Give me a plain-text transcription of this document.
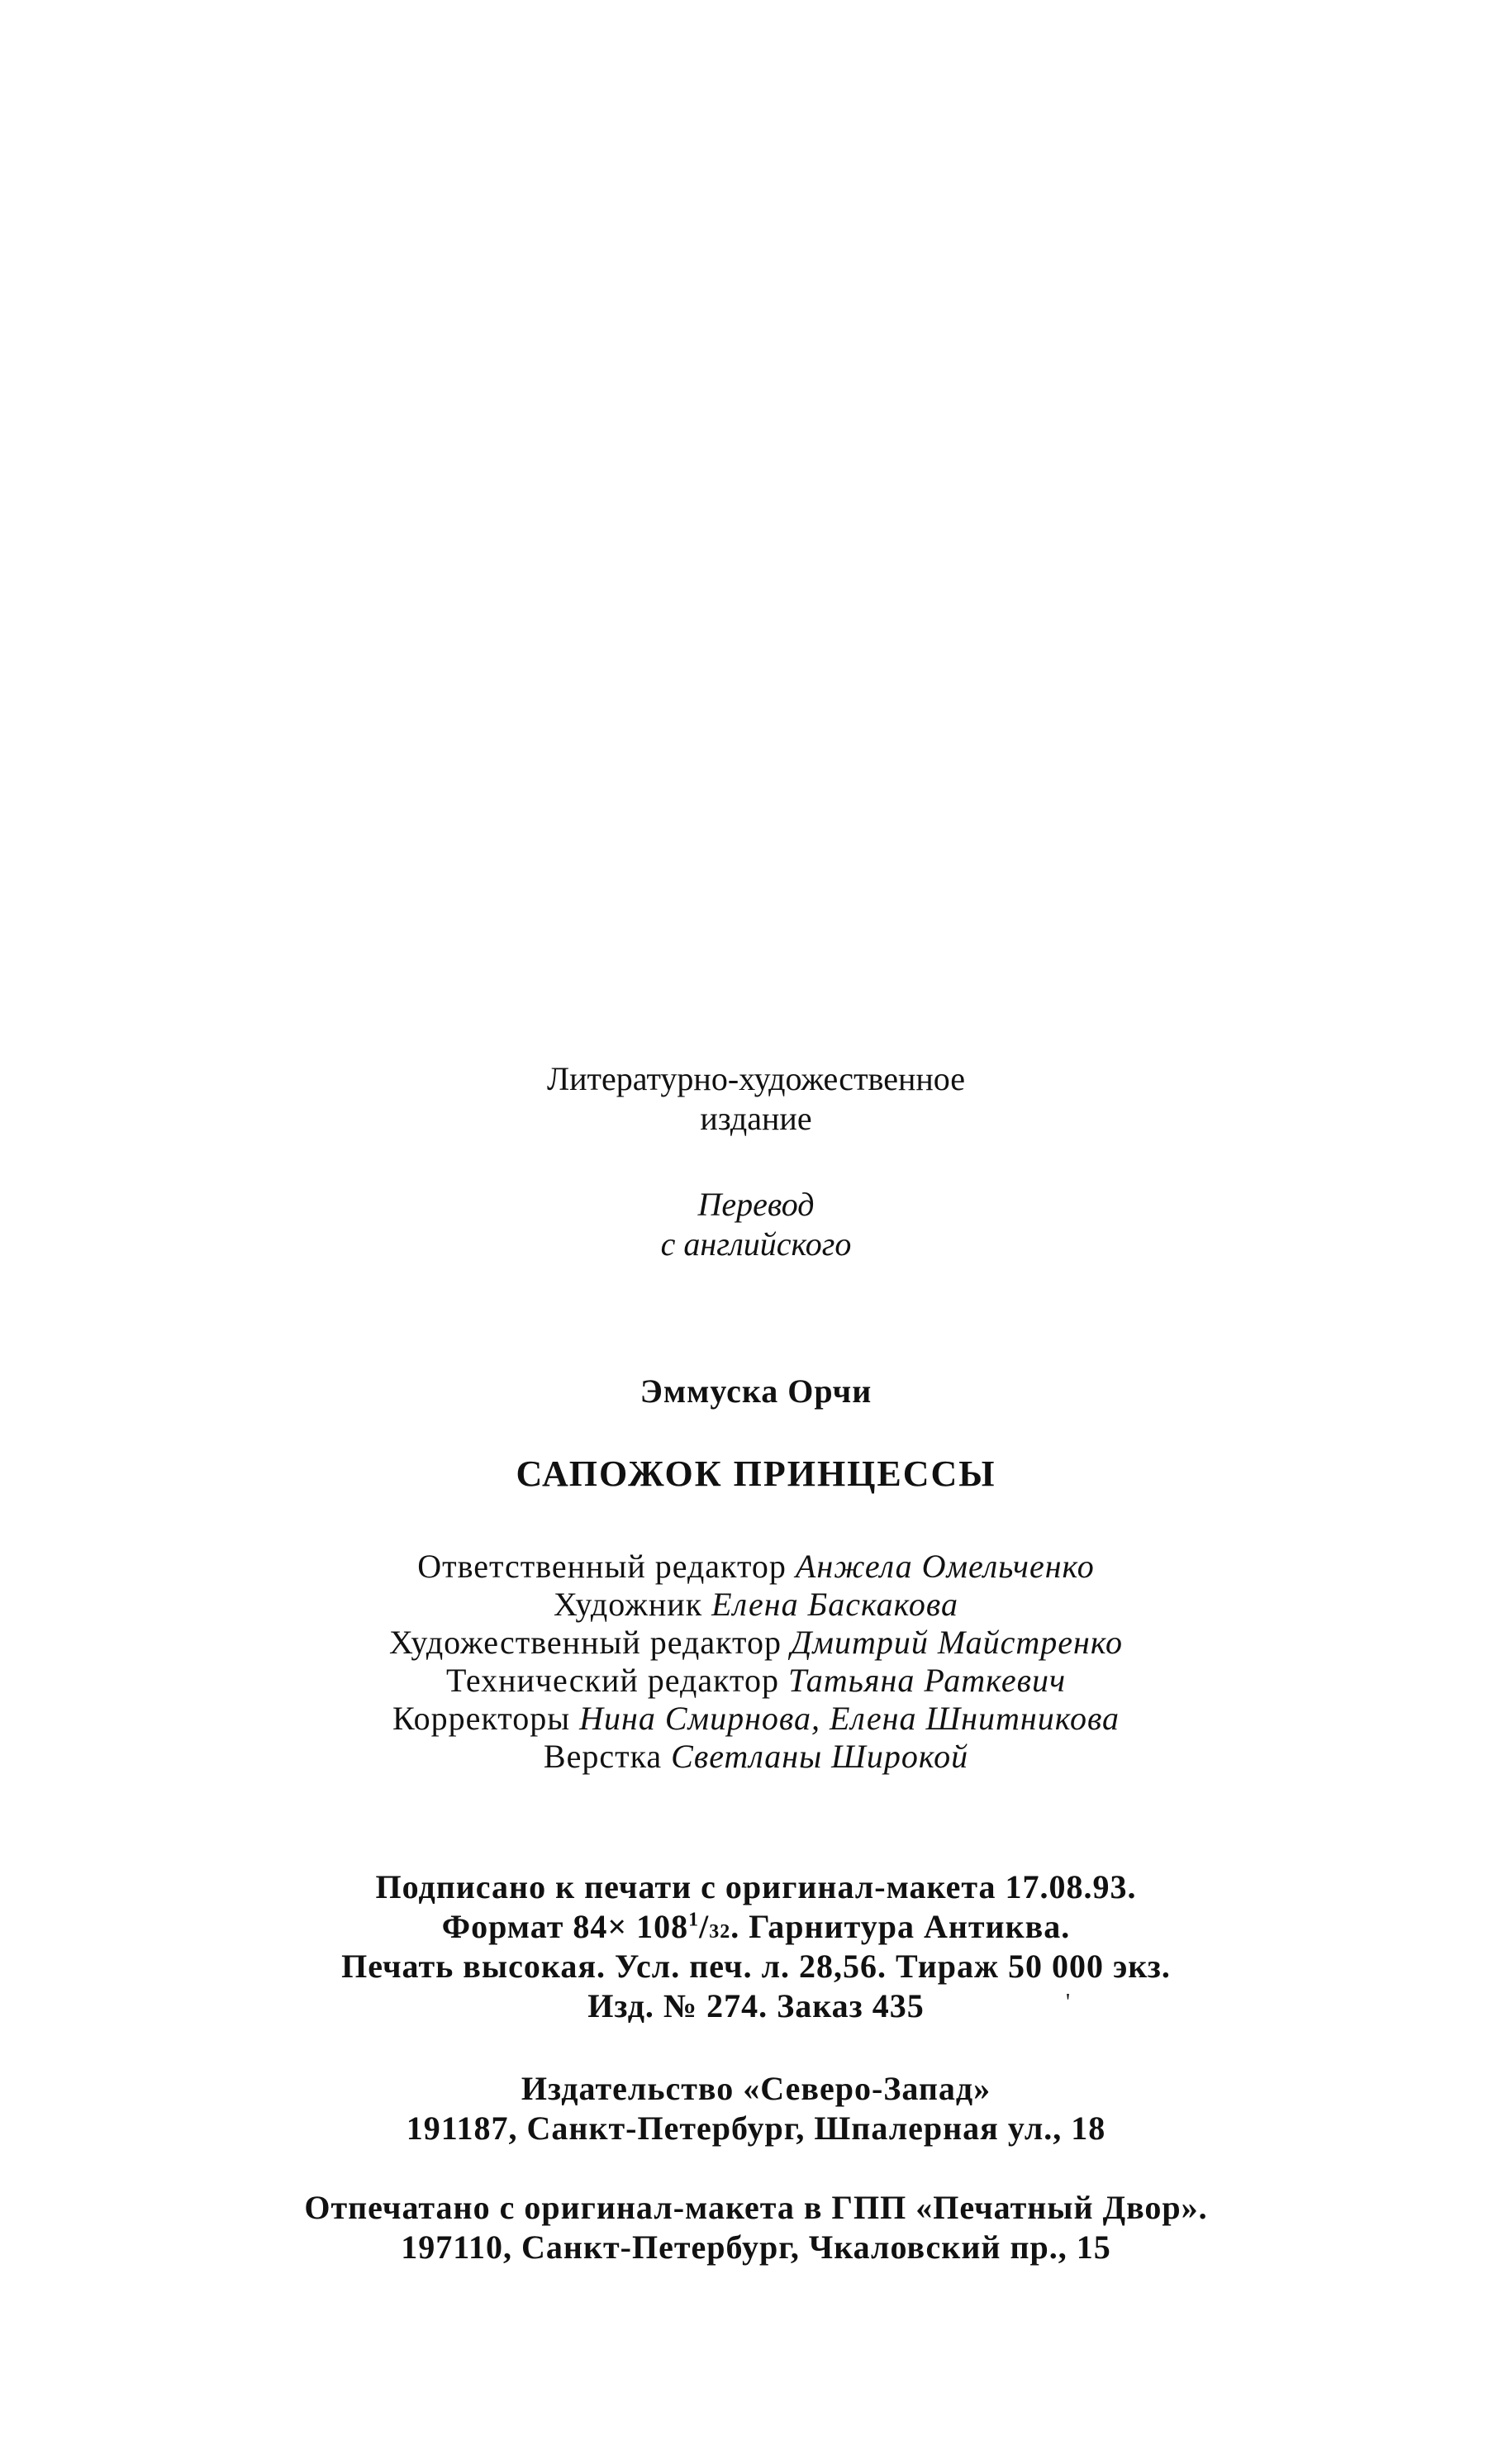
Литературно-художественное
издание
Перевод
с английского
Эммуска Орчи
САПОЖОК ПРИНЦЕССЫ
Ответственный редактор Анжела Омельченко
Художник Елена Баскакова
Художественный редактор Дмитрий Майстренко
Технический редактор Татьяна Раткевич
Корректоры Нина Смирнова, Елена Шнитникова
Верстка Светланы Широкой
Подписано к печати с оригинал-макета 17.08.93.
Формат $84\times 108^1/32$. Гарнитура Антиква.
Печать высокая. Усл. печ. л. 28,56. Тираж 50 000 экз.
Изд. № 274. Заказ 435	'
Издательство «Северо-Запад»
191187, Санкт-Петербург, Шпалерная ул., 18
Отпечатано с оригинал-макета в ГПП «Печатный Двор».
197110, Санкт-Петербург, Чкаловский пр., 15
